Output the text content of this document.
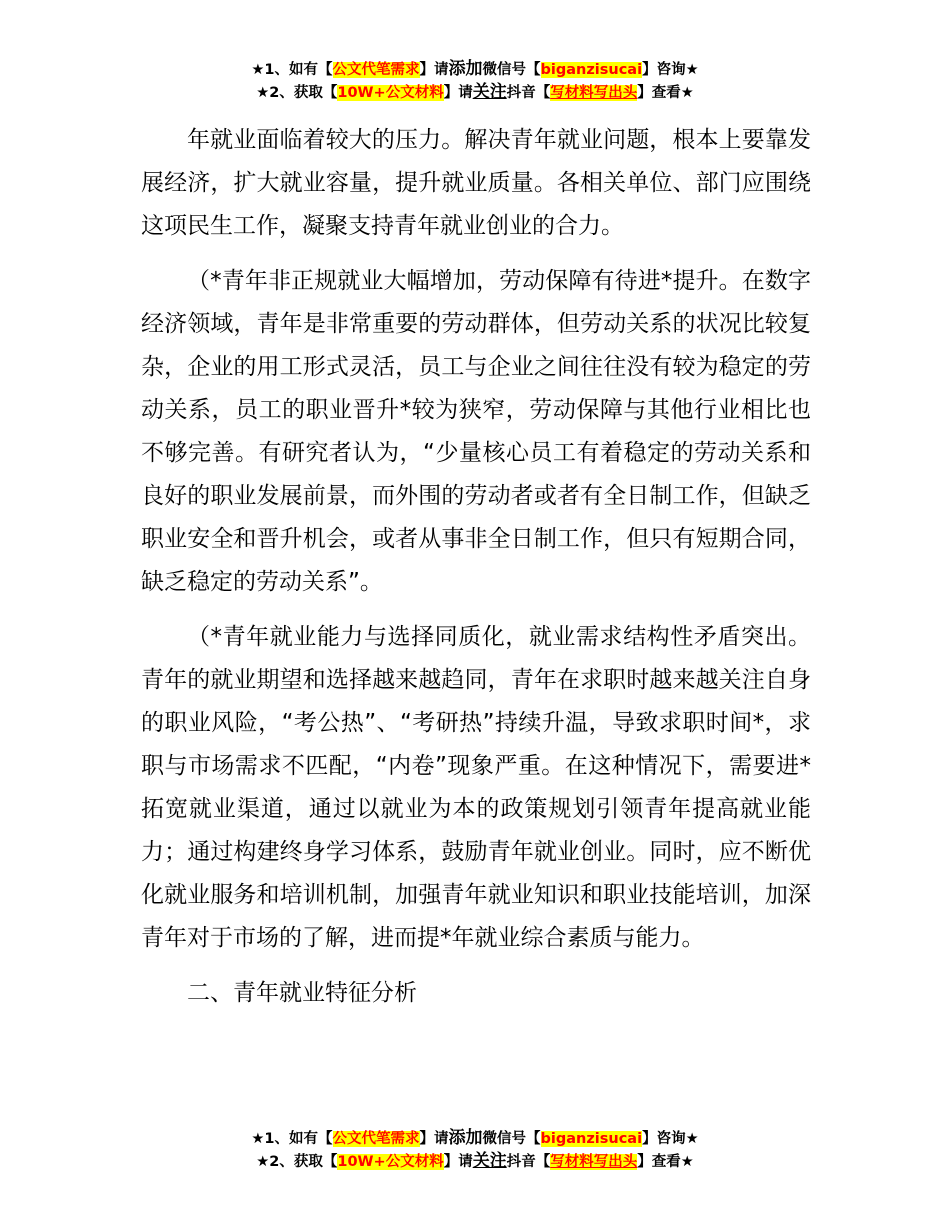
★1、如有【公文代笔需求】请添加微信号【biganzisucai】咨询★
★2、获取【10W+公文材料】请关注抖音【写材料写出头】查看★

年就业面临着较大的压力。解决青年就业问题，根本上要靠发展经济，扩大就业容量，提升就业质量。各相关单位、部门应围绕这项民生工作，凝聚支持青年就业创业的合力。

（*青年非正规就业大幅增加，劳动保障有待进*提升。在数字经济领域，青年是非常重要的劳动群体，但劳动关系的状况比较复杂，企业的用工形式灵活，员工与企业之间往往没有较为稳定的劳动关系，员工的职业晋升*较为狭窄，劳动保障与其他行业相比也不够完善。有研究者认为，“少量核心员工有着稳定的劳动关系和良好的职业发展前景，而外围的劳动者或者有全日制工作，但缺乏职业安全和晋升机会，或者从事非全日制工作，但只有短期合同，缺乏稳定的劳动关系”。

（*青年就业能力与选择同质化，就业需求结构性矛盾突出。青年的就业期望和选择越来越趋同，青年在求职时越来越关注自身的职业风险，“考公热”、“考研热”持续升温，导致求职时间*，求职与市场需求不匹配，“内卷”现象严重。在这种情况下，需要进*拓宽就业渠道，通过以就业为本的政策规划引领青年提高就业能力；通过构建终身学习体系，鼓励青年就业创业。同时，应不断优化就业服务和培训机制，加强青年就业知识和职业技能培训，加深青年对于市场的了解，进而提*年就业综合素质与能力。

二、青年就业特征分析
★1、如有【公文代笔需求】请添加微信号【biganzisucai】咨询★
★2、获取【10W+公文材料】请关注抖音【写材料写出头】查看★
